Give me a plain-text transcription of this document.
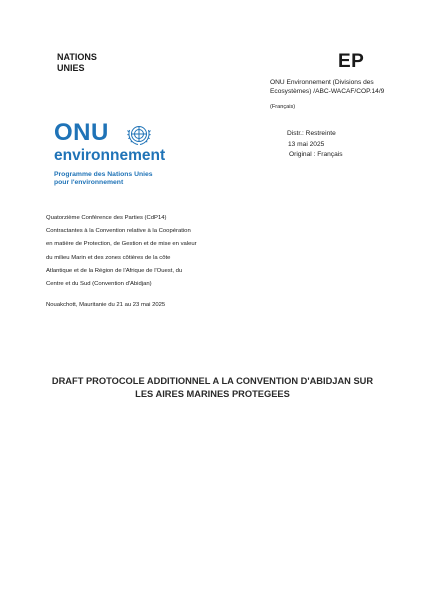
NATIONS
UNIES	EP
ONU Environnement (Divisions des Ecosystèmes) /ABC-WACAF/COP.14/9
(Français)
ONU
environnement
Programme des Nations Unies
pour l'environnement
Distr.: Restreinte
13 mai 2025
Original : Français
Quatorzième Conférence des Parties (CdP14)
Contractantes à la Convention relative à la Coopération
en matière de Protection, de Gestion et de mise en valeur
du milieu Marin et des zones côtières de la côte
Atlantique et de la Région de l'Afrique de l'Ouest, du
Centre et du Sud (Convention d'Abidjan)
Nouakchott, Mauritanie du 21 au 23 mai 2025
DRAFT PROTOCOLE ADDITIONNEL A LA CONVENTION D'ABIDJAN SUR
LES AIRES MARINES PROTEGEES
